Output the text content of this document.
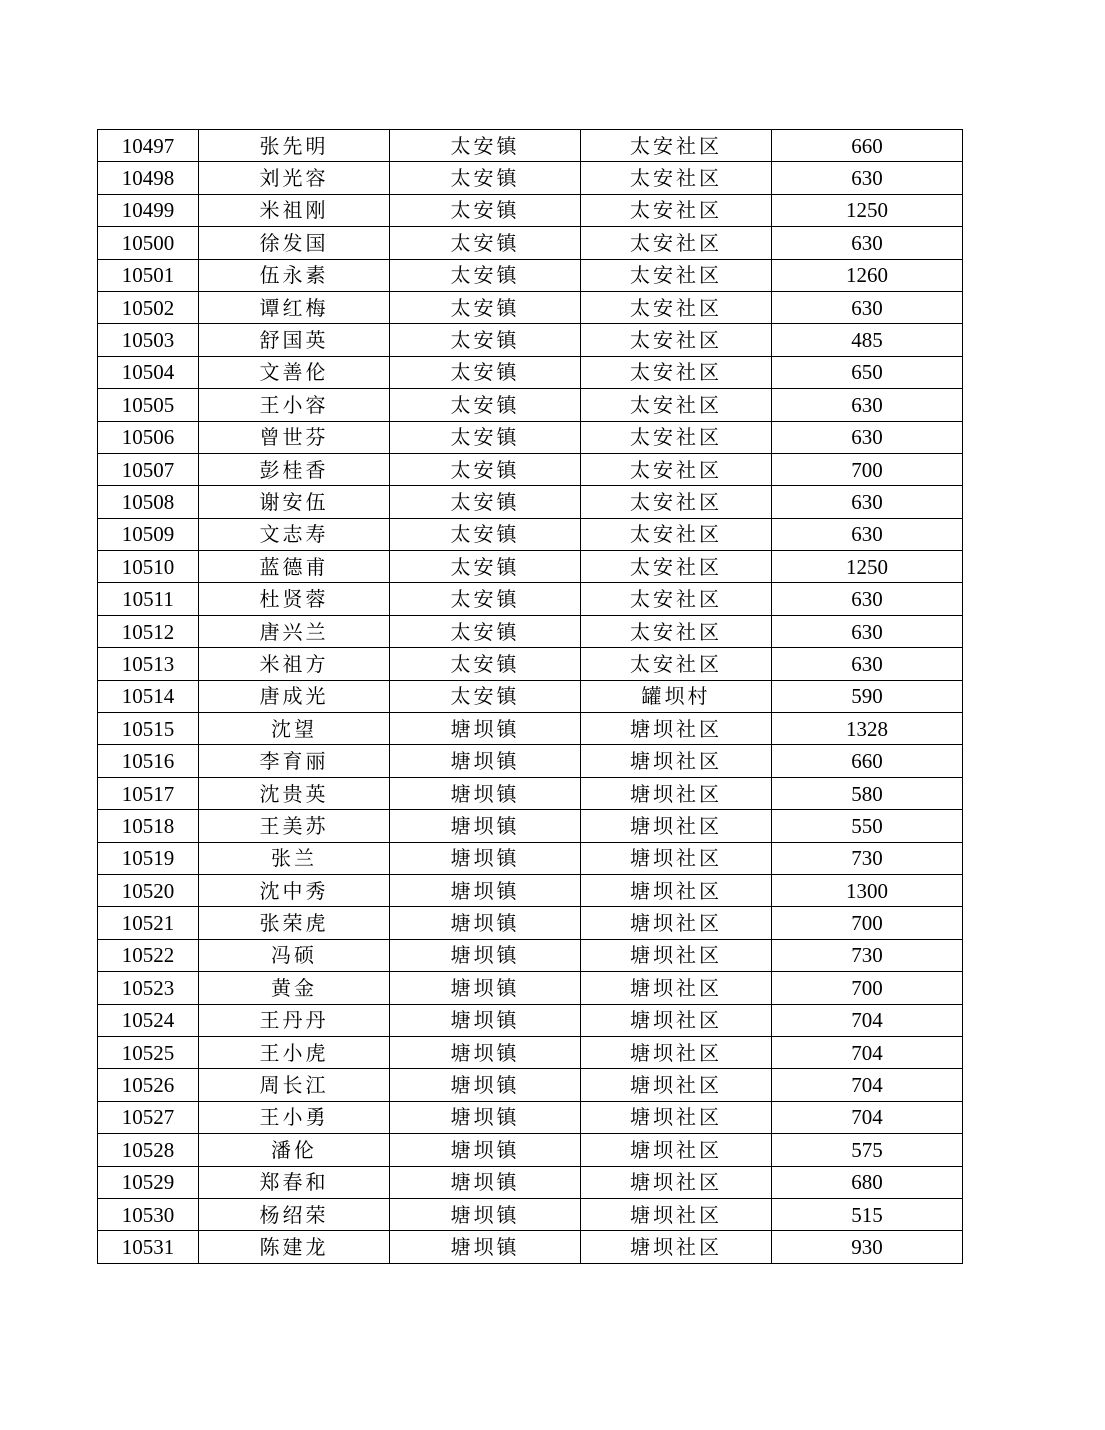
10497	张先明	太安镇	太安社区	660
10498	刘光容	太安镇	太安社区	630
10499	米祖刚	太安镇	太安社区	1250
10500	徐发国	太安镇	太安社区	630
10501	伍永素	太安镇	太安社区	1260
10502	谭红梅	太安镇	太安社区	630
10503	舒国英	太安镇	太安社区	485
10504	文善伦	太安镇	太安社区	650
10505	王小容	太安镇	太安社区	630
10506	曾世芬	太安镇	太安社区	630
10507	彭桂香	太安镇	太安社区	700
10508	谢安伍	太安镇	太安社区	630
10509	文志寿	太安镇	太安社区	630
10510	蓝德甫	太安镇	太安社区	1250
10511	杜贤蓉	太安镇	太安社区	630
10512	唐兴兰	太安镇	太安社区	630
10513	米祖方	太安镇	太安社区	630
10514	唐成光	太安镇	罐坝村	590
10515	沈望	塘坝镇	塘坝社区	1328
10516	李育丽	塘坝镇	塘坝社区	660
10517	沈贵英	塘坝镇	塘坝社区	580
10518	王美苏	塘坝镇	塘坝社区	550
10519	张兰	塘坝镇	塘坝社区	730
10520	沈中秀	塘坝镇	塘坝社区	1300
10521	张荣虎	塘坝镇	塘坝社区	700
10522	冯硕	塘坝镇	塘坝社区	730
10523	黄金	塘坝镇	塘坝社区	700
10524	王丹丹	塘坝镇	塘坝社区	704
10525	王小虎	塘坝镇	塘坝社区	704
10526	周长江	塘坝镇	塘坝社区	704
10527	王小勇	塘坝镇	塘坝社区	704
10528	潘伦	塘坝镇	塘坝社区	575
10529	郑春和	塘坝镇	塘坝社区	680
10530	杨绍荣	塘坝镇	塘坝社区	515
10531	陈建龙	塘坝镇	塘坝社区	930
